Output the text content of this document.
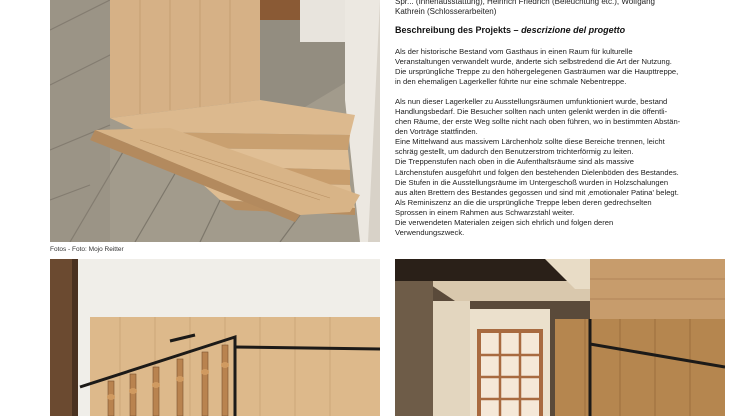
Spr... (Innenausstattung), Heinrich Friedrich (Beleuchtung etc.), Wolfgang
Kathrein (Schlosserarbeiten)
Beschreibung des Projekts – descrizione del progetto

Als der historische Bestand vom Gasthaus in einen Raum für kulturelle
Veranstaltungen verwandelt wurde, änderte sich selbstredend die Art der Nutzung.
Die ursprüngliche Treppe zu den höhergelegenen Gasträumen war die Haupttreppe,
in den ehemaligen Lagerkeller führte nur eine schmale Nebentreppe.

Als nun dieser Lagerkeller zu Ausstellungsräumen umfunktioniert wurde, bestand
Handlungsbedarf. Die Besucher sollten nach unten gelenkt werden in die öffentli-
chen Räume, der erste Weg sollte nicht nach oben führen, wo in bestimmten Abstän-
den Vorträge stattfinden.
Eine Mittelwand aus massivem Lärchenholz sollte diese Bereiche trennen, leicht
schräg gestellt, um dadurch den Benutzerstrom trichterförmig zu leiten.
Die Treppenstufen nach oben in die Aufenthaltsräume sind als massive
Lärchenstufen ausgeführt und folgen den bestehenden Dielenböden des Bestandes.
Die Stufen in die Ausstellungsräume im Untergeschoß wurden in Holzschalungen
aus alten Brettern des Bestandes gegossen und sind mit ‚emotionaler Patina' belegt.
Als Reminiszenz an die die ursprüngliche Treppe leben deren gedrechselten
Sprossen in einem Rahmen aus Schwarzstahl weiter.
Die verwendeten Materialen zeigen sich ehrlich und folgen deren
Verwendungszweck.

Fotos - Foto: Mojo Reitter
